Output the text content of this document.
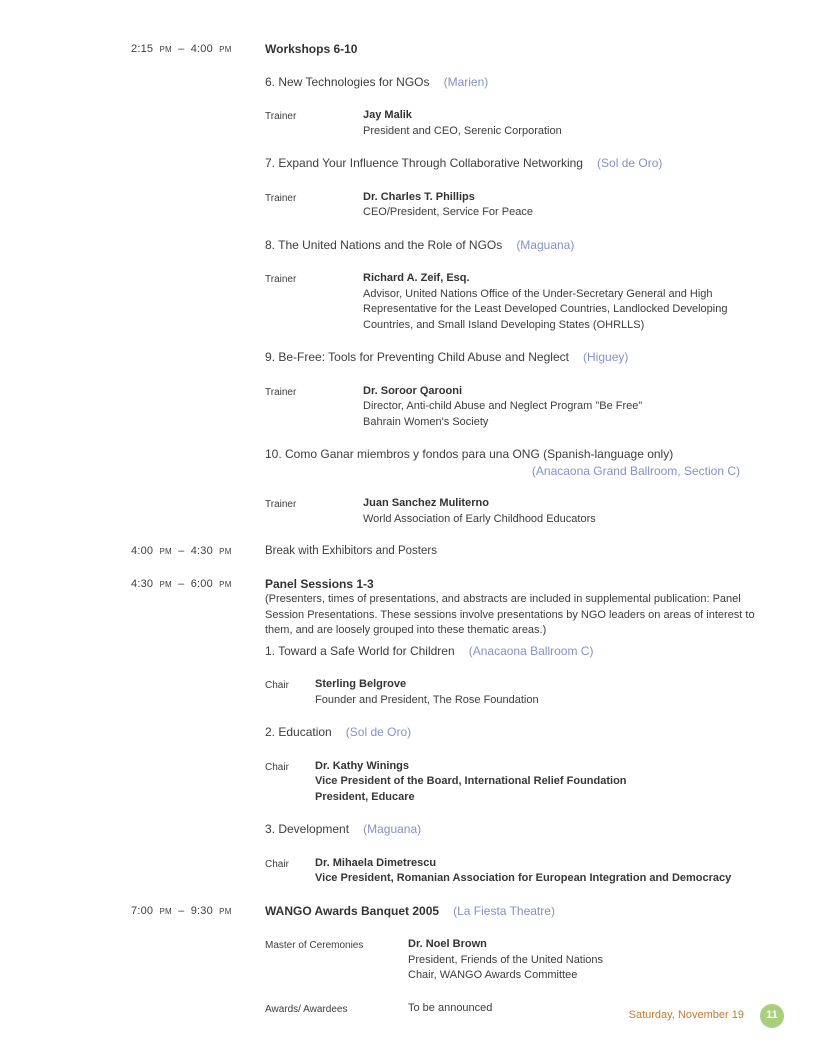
2:15 pm – 4:00 pm	Workshops 6-10
6. New Technologies for NGOs (Marien)
Trainer	Jay Malik
President and CEO, Serenic Corporation
7. Expand Your Influence Through Collaborative Networking (Sol de Oro)
Trainer	Dr. Charles T. Phillips
CEO/President, Service For Peace
8. The United Nations and the Role of NGOs (Maguana)
Trainer	Richard A. Zeif, Esq.
Advisor, United Nations Office of the Under-Secretary General and High Representative for the Least Developed Countries, Landlocked Developing Countries, and Small Island Developing States (OHRLLS)
9. Be-Free: Tools for Preventing Child Abuse and Neglect (Higuey)
Trainer	Dr. Soroor Qarooni
Director, Anti-child Abuse and Neglect Program "Be Free"
Bahrain Women's Society
10. Como Ganar miembros y fondos para una ONG (Spanish-language only)
(Anacaona Grand Ballroom, Section C)
Trainer	Juan Sanchez Muliterno
World Association of Early Childhood Educators
4:00 pm – 4:30 pm	Break with Exhibitors and Posters
4:30 pm – 6:00 pm	Panel Sessions 1-3
(Presenters, times of presentations, and abstracts are included in supplemental publication: Panel Session Presentations. These sessions involve presentations by NGO leaders on areas of interest to them, and are loosely grouped into these thematic areas.)
1. Toward a Safe World for Children (Anacaona Ballroom C)
Chair	Sterling Belgrove
Founder and President, The Rose Foundation
2. Education (Sol de Oro)
Chair	Dr. Kathy Winings
Vice President of the Board, International Relief Foundation
President, Educare
3. Development (Maguana)
Chair	Dr. Mihaela Dimetrescu
Vice President, Romanian Association for European Integration and Democracy
7:00 pm – 9:30 pm	WANGO Awards Banquet 2005 (La Fiesta Theatre)
Master of Ceremonies	Dr. Noel Brown
President, Friends of the United Nations
Chair, WANGO Awards Committee
Awards/ Awardees	To be announced
Saturday, November 19	11
